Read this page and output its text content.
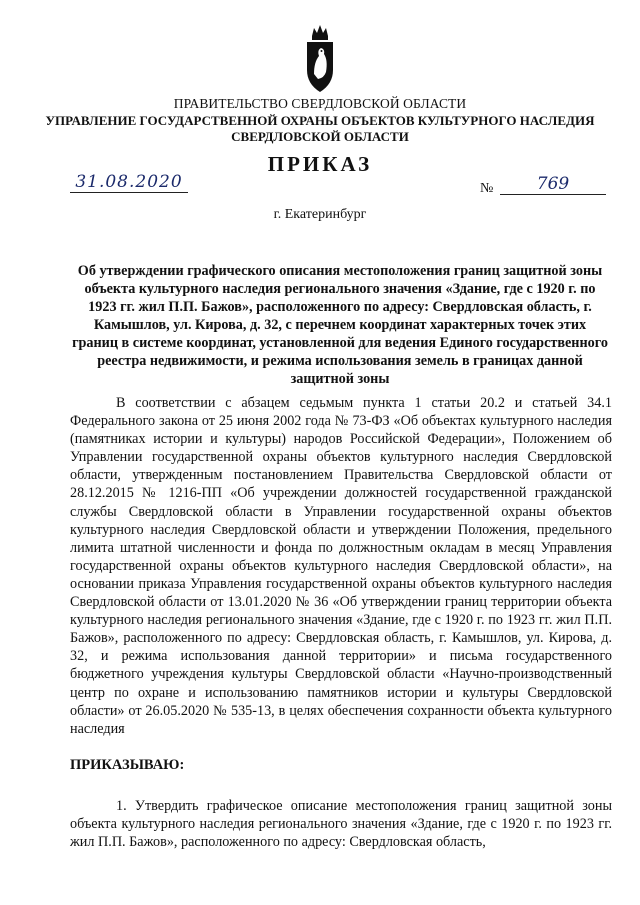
ПРАВИТЕЛЬСТВО СВЕРДЛОВСКОЙ ОБЛАСТИ
УПРАВЛЕНИЕ ГОСУДАРСТВЕННОЙ ОХРАНЫ ОБЪЕКТОВ КУЛЬТУРНОГО НАСЛЕДИЯ
СВЕРДЛОВСКОЙ ОБЛАСТИ
ПРИКАЗ
31.08.2020	№	769
г. Екатеринбург
Об утверждении графического описания местоположения границ защитной зоны объекта культурного наследия регионального значения «Здание, где с 1920 г. по 1923 гг. жил П.П. Бажов», расположенного по адресу: Свердловская область, г. Камышлов, ул. Кирова, д. 32, с перечнем координат характерных точек этих границ в системе координат, установленной для ведения Единого государственного реестра недвижимости, и режима использования земель в границах данной защитной зоны
В соответствии с абзацем седьмым пункта 1 статьи 20.2 и статьей 34.1 Федерального закона от 25 июня 2002 года № 73-ФЗ «Об объектах культурного наследия (памятниках истории и культуры) народов Российской Федерации», Положением об Управлении государственной охраны объектов культурного наследия Свердловской области, утвержденным постановлением Правительства Свердловской области от 28.12.2015 № 1216-ПП «Об учреждении должностей государственной гражданской службы Свердловской области в Управлении государственной охраны объектов культурного наследия Свердловской области и утверждении Положения, предельного лимита штатной численности и фонда по должностным окладам в месяц Управления государственной охраны объектов культурного наследия Свердловской области», на основании приказа Управления государственной охраны объектов культурного наследия Свердловской области от 13.01.2020 № 36 «Об утверждении границ территории объекта культурного наследия регионального значения «Здание, где с 1920 г. по 1923 гг. жил П.П. Бажов», расположенного по адресу: Свердловская область, г. Камышлов, ул. Кирова, д. 32, и режима использования данной территории» и письма государственного бюджетного учреждения культуры Свердловской области «Научно-производственный центр по охране и использованию памятников истории и культуры Свердловской области» от 26.05.2020 № 535-13, в целях обеспечения сохранности объекта культурного наследия
ПРИКАЗЫВАЮ:
1. Утвердить графическое описание местоположения границ защитной зоны объекта культурного наследия регионального значения «Здание, где с 1920 г. по 1923 гг. жил П.П. Бажов», расположенного по адресу: Свердловская область,
